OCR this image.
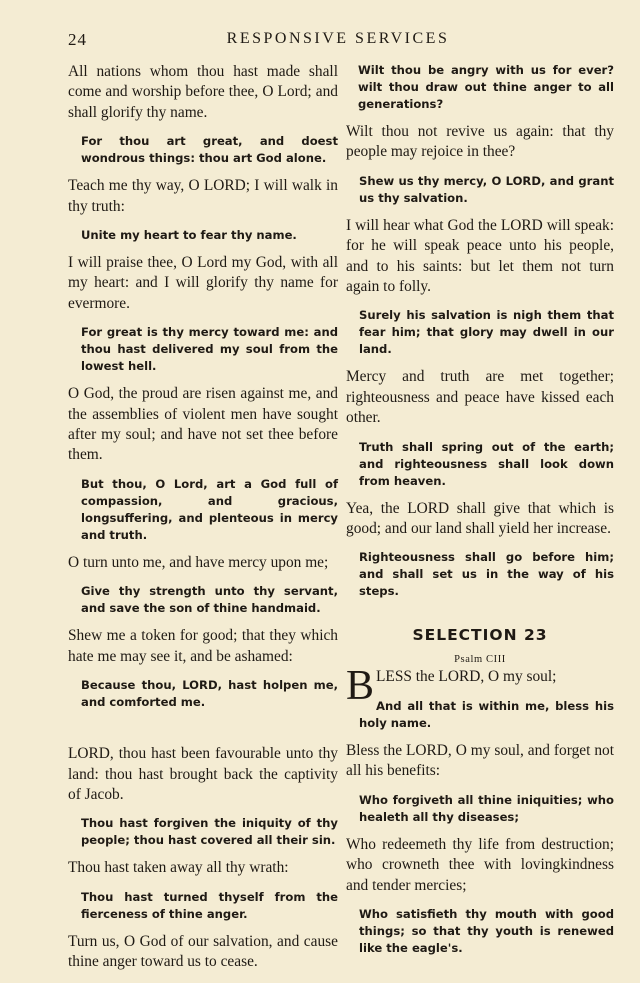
24	RESPONSIVE SERVICES

All nations whom thou hast made shall come and worship before thee, O Lord; and shall glorify thy name.

For thou art great, and doest wondrous things: thou art God alone.

Teach me thy way, O LORD; I will walk in thy truth:

Unite my heart to fear thy name.

I will praise thee, O Lord my God, with all my heart: and I will glorify thy name for evermore.

For great is thy mercy toward me: and thou hast delivered my soul from the lowest hell.

O God, the proud are risen against me, and the assemblies of violent men have sought after my soul; and have not set thee before them.

But thou, O Lord, art a God full of compassion, and gracious, longsuffering, and plenteous in mercy and truth.

O turn unto me, and have mercy upon me;

Give thy strength unto thy servant, and save the son of thine handmaid.

Shew me a token for good; that they which hate me may see it, and be ashamed:

Because thou, LORD, hast holpen me, and comforted me.

LORD, thou hast been favourable unto thy land: thou hast brought back the captivity of Jacob.

Thou hast forgiven the iniquity of thy people; thou hast covered all their sin.

Thou hast taken away all thy wrath:

Thou hast turned thyself from the fierceness of thine anger.

Turn us, O God of our salvation, and cause thine anger toward us to cease.

Wilt thou be angry with us for ever? wilt thou draw out thine anger to all generations?

Wilt thou not revive us again: that thy people may rejoice in thee?

Shew us thy mercy, O LORD, and grant us thy salvation.

I will hear what God the LORD will speak: for he will speak peace unto his people, and to his saints: but let them not turn again to folly.

Surely his salvation is nigh them that fear him; that glory may dwell in our land.

Mercy and truth are met together; righteousness and peace have kissed each other.

Truth shall spring out of the earth; and righteousness shall look down from heaven.

Yea, the LORD shall give that which is good; and our land shall yield her increase.

Righteousness shall go before him; and shall set us in the way of his steps.

SELECTION 23
Psalm CIII

BLESS the LORD, O my soul;

And all that is within me, bless his holy name.

Bless the LORD, O my soul, and forget not all his benefits:

Who forgiveth all thine iniquities; who healeth all thy diseases;

Who redeemeth thy life from destruction; who crowneth thee with lovingkindness and tender mercies;

Who satisfieth thy mouth with good things; so that thy youth is renewed like the eagle's.
